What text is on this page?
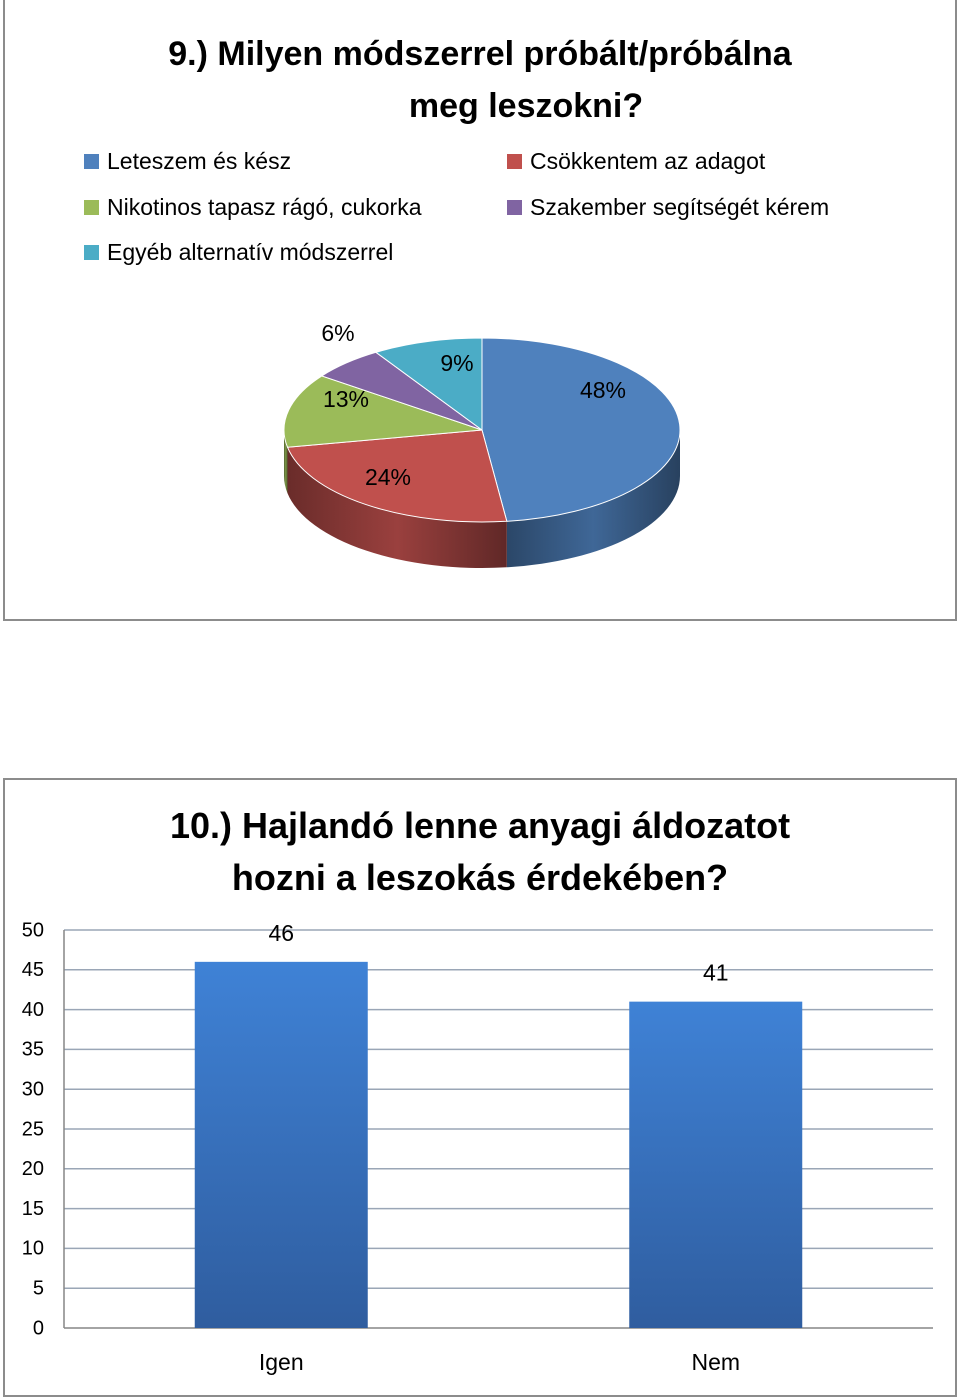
9.) Milyen módszerrel próbált/próbálna
meg leszokni?
Leteszem és kész	Csökkentem az adagot
Nikotinos tapasz rágó, cukorka	Szakember segítségét kérem
Egyéb alternatív módszerrel
48%
24%
13%
6%
9%
10.) Hajlandó lenne anyagi áldozatot
hozni a leszokás érdekében?
0
5
10
15
20
25
30
35
40
45
50	46
Igen
41
Nem
